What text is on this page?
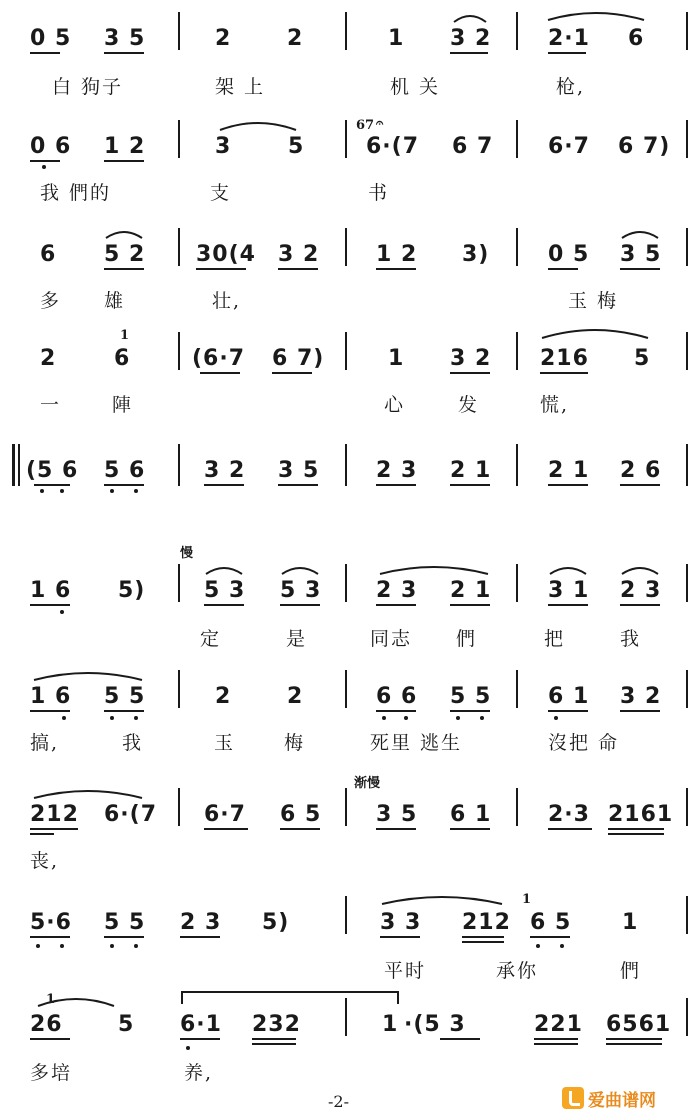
0 5 3 5	2	2	1 3 2	2·1 6
白 狗子	架 上	机 关	枪,
0 6 1 2	3	5
67 𝄐
6·(7 6 7 6·7 6 7)
我 們的	支	书
6 5 2 30(4 3 2	1 2 3)	0 5 3 5
多 雄	壮,	玉 梅
2
1
6	(6·7 6 7)	1 3 2 216 5
一	陣	心	发	慌,
(5 6 5 6	3 2 3 5	2 3 2 1	2 1 2 6
慢
1 6 5)	5 3 5 3 2 3 2 1	3 1 2 3
定	是	同志 們	把	我
1 6 5 5	2	2	6 6 5 5	6 1 3 2
搞,	我	玉	梅	死里 逃生	沒把 命
渐慢
212 6·(7 6·7 6 5 3 5 6 1	2·3 2161
丧,
5·6 5 5 2 3 5)	3 3 212
1
6 5 1
平时	承你	們
1
26	5 6·1 232	1 ·(5 3	221 6561
多培	养,
-2-	爱曲谱网
